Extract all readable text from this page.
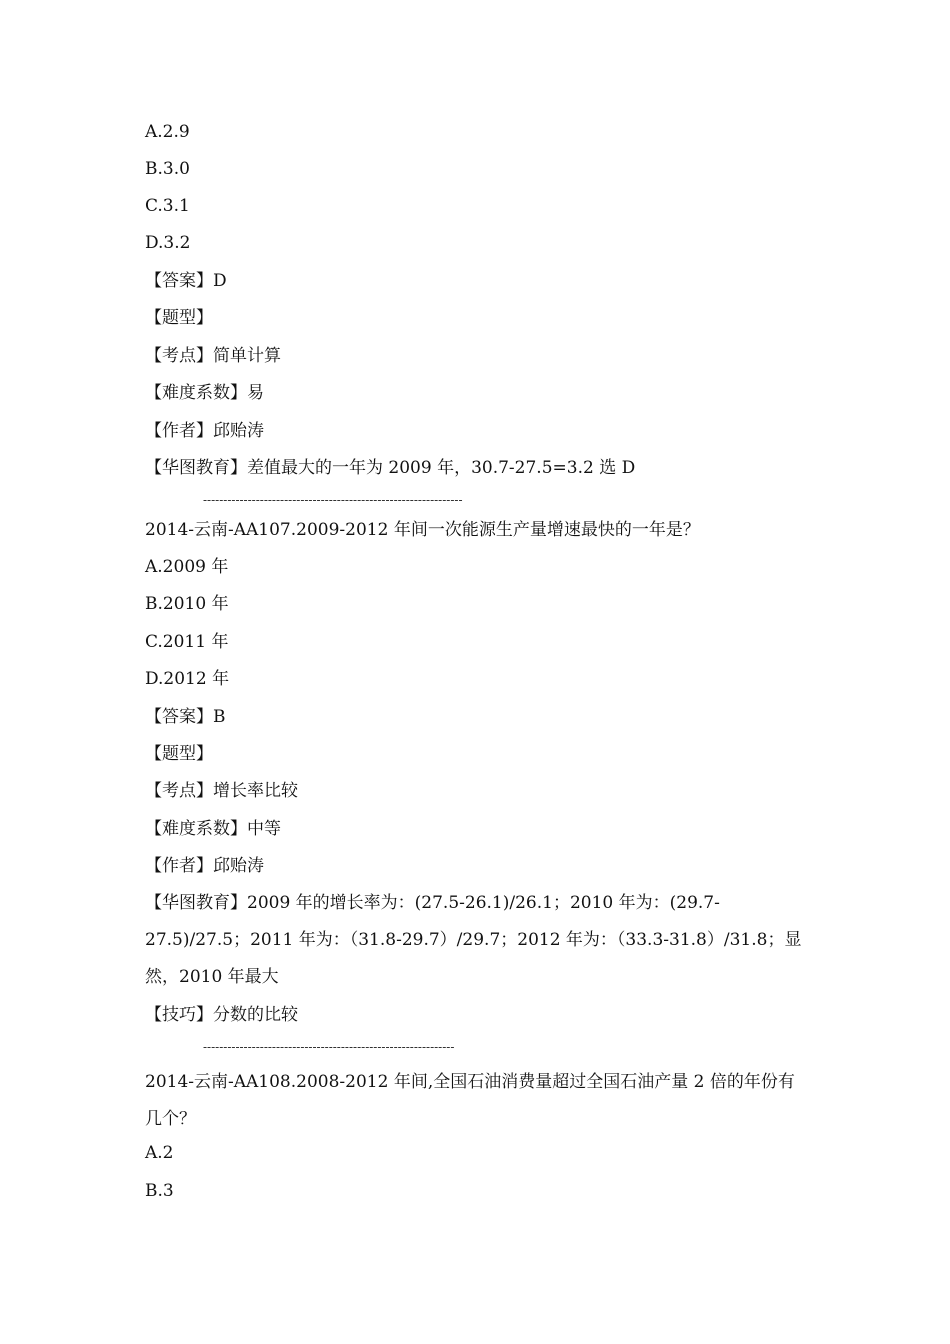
A.2.9
B.3.0
C.3.1
D.3.2
【答案】D
【题型】
【考点】简单计算
【难度系数】易
【作者】邱贻涛
【华图教育】差值最大的一年为 2009 年，30.7-27.5=3.2 选 D
----------------------------------------------------------------
2014-云南-AA107.2009-2012 年间一次能源生产量增速最快的一年是？
A.2009 年
B.2010 年
C.2011 年
D.2012 年
【答案】B
【题型】
【考点】增长率比较
【难度系数】中等
【作者】邱贻涛
【华图教育】2009 年的增长率为：(27.5-26.1)/26.1；2010 年为：(29.7-27.5)/27.5；2011 年为：（31.8-29.7）/29.7；2012 年为：（33.3-31.8）/31.8；显然，2010 年最大
【技巧】分数的比较
--------------------------------------------------------------
2014-云南-AA108.2008-2012 年间,全国石油消费量超过全国石油产量 2 倍的年份有几个？
A.2
B.3
